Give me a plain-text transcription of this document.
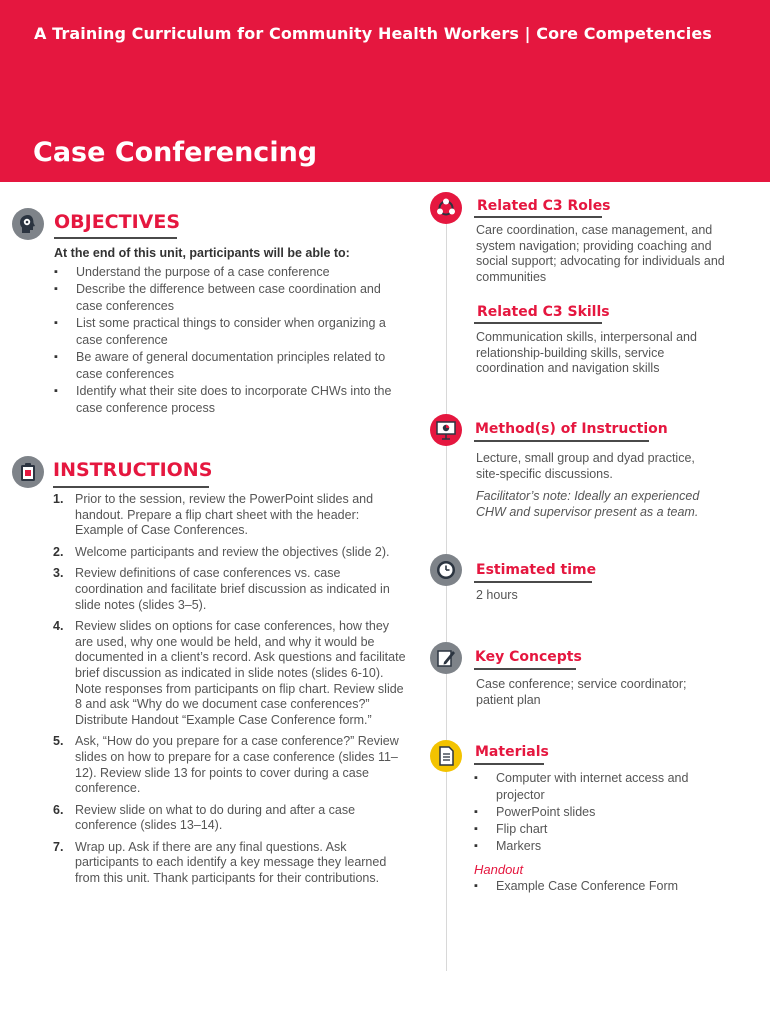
A Training Curriculum for Community Health Workers | Core Competencies
Case Conferencing
OBJECTIVES
At the end of this unit, participants will be able to:
▪ Understand the purpose of a case conference
▪ Describe the difference between case coordination and case conferences
▪ List some practical things to consider when organizing a case conference
▪ Be aware of general documentation principles related to case conferences
▪ Identify what their site does to incorporate CHWs into the case conference process
INSTRUCTIONS
1. Prior to the session, review the PowerPoint slides and handout. Prepare a flip chart sheet with the header: Example of Case Conferences.
2. Welcome participants and review the objectives (slide 2).
3. Review definitions of case conferences vs. case coordination and facilitate brief discussion as indicated in slide notes (slides 3–5).
4. Review slides on options for case conferences, how they are used, why one would be held, and why it would be documented in a client’s record. Ask questions and facilitate brief discussion as indicated in slide notes (slides 6-10). Note responses from participants on flip chart. Review slide 8 and ask “Why do we document case conferences?” Distribute Handout “Example Case Conference form.”
5. Ask, “How do you prepare for a case conference?” Review slides on how to prepare for a case conference (slides 11–12). Review slide 13 for points to cover during a case conference.
6. Review slide on what to do during and after a case conference (slides 13–14).
7. Wrap up. Ask if there are any final questions. Ask participants to each identify a key message they learned from this unit. Thank participants for their contributions.
Related C3 Roles
Care coordination, case management, and system navigation; providing coaching and social support; advocating for individuals and communities
Related C3 Skills
Communication skills, interpersonal and relationship-building skills, service coordination and navigation skills
Method(s) of Instruction
Lecture, small group and dyad practice, site-specific discussions.
Facilitator’s note: Ideally an experienced CHW and supervisor present as a team.
Estimated time
2 hours
Key Concepts
Case conference; service coordinator; patient plan
Materials
▪ Computer with internet access and projector
▪ PowerPoint slides
▪ Flip chart
▪ Markers
Handout
▪ Example Case Conference Form
